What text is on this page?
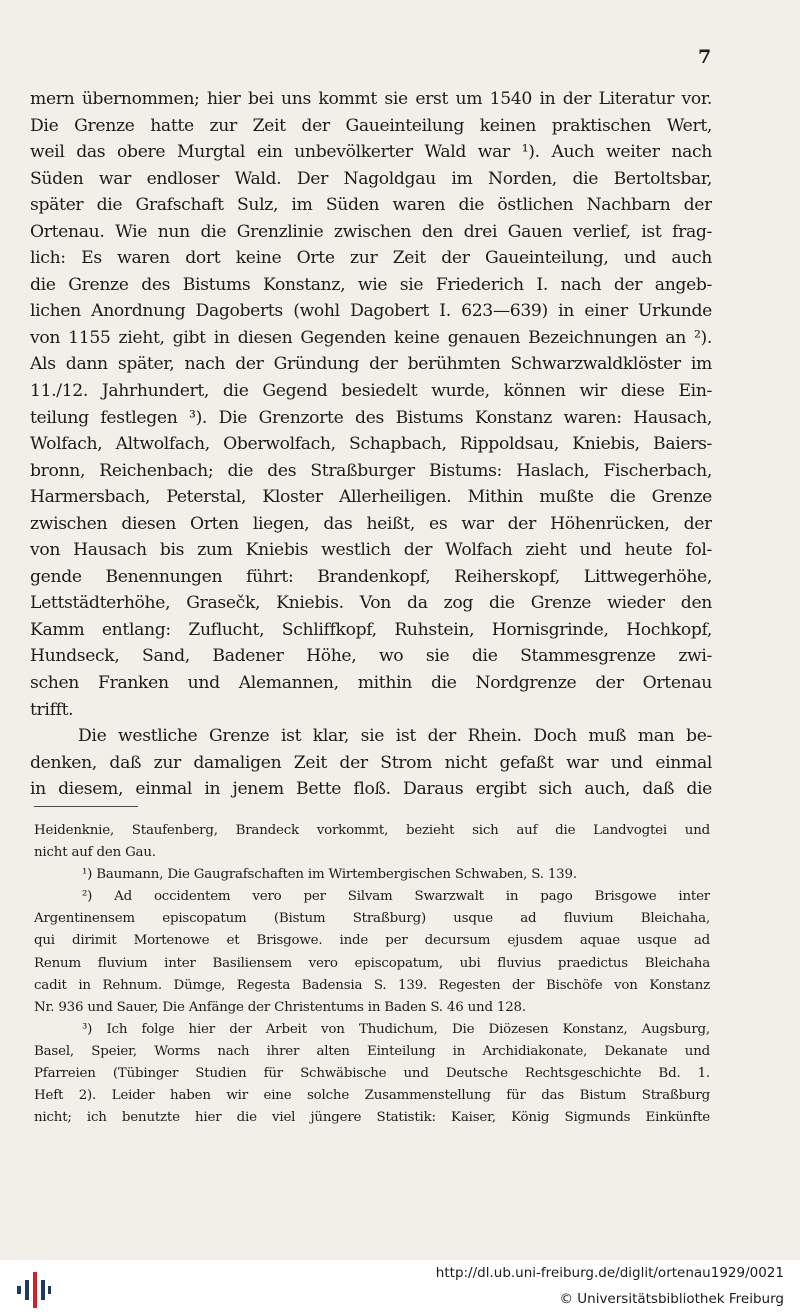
7
mern übernommen; hier bei uns kommt sie erst um 1540 in der Literatur vor.
Die Grenze hatte zur Zeit der Gaueinteilung keinen praktischen Wert,
weil das obere Murgtal ein unbevölkerter Wald war ¹). Auch weiter nach
Süden war endloser Wald. Der Nagoldgau im Norden, die Bertoltsbar,
später die Grafschaft Sulz, im Süden waren die östlichen Nachbarn der
Ortenau. Wie nun die Grenzlinie zwischen den drei Gauen verlief, ist frag-
lich: Es waren dort keine Orte zur Zeit der Gaueinteilung, und auch
die Grenze des Bistums Konstanz, wie sie Friederich I. nach der angeb-
lichen Anordnung Dagoberts (wohl Dagobert I. 623—639) in einer Urkunde
von 1155 zieht, gibt in diesen Gegenden keine genauen Bezeichnungen an ²).
Als dann später, nach der Gründung der berühmten Schwarzwaldklöster im
11./12. Jahrhundert, die Gegend besiedelt wurde, können wir diese Ein-
teilung festlegen ³). Die Grenzorte des Bistums Konstanz waren: Hausach,
Wolfach, Altwolfach, Oberwolfach, Schapbach, Rippoldsau, Kniebis, Baiers-
bronn, Reichenbach; die des Straßburger Bistums: Haslach, Fischerbach,
Harmersbach, Peterstal, Kloster Allerheiligen. Mithin mußte die Grenze
zwischen diesen Orten liegen, das heißt, es war der Höhenrücken, der
von Hausach bis zum Kniebis westlich der Wolfach zieht und heute fol-
gende Benennungen führt: Brandenkopf, Reiherskopf, Littwegerhöhe,
Lettstädterhöhe, Grasečk, Kniebis. Von da zog die Grenze wieder den
Kamm entlang: Zuflucht, Schliffkopf, Ruhstein, Hornisgrinde, Hochkopf,
Hundseck, Sand, Badener Höhe, wo sie die Stammesgrenze zwi-
schen Franken und Alemannen, mithin die Nordgrenze der Ortenau
trifft.
Die westliche Grenze ist klar, sie ist der Rhein. Doch muß man be-
denken, daß zur damaligen Zeit der Strom nicht gefaßt war und einmal
in diesem, einmal in jenem Bette floß. Daraus ergibt sich auch, daß die
Heidenknie, Staufenberg, Brandeck vorkommt, bezieht sich auf die Landvogtei und
nicht auf den Gau.
¹) Baumann, Die Gaugrafschaften im Wirtembergischen Schwaben, S. 139.
²) Ad occidentem vero per Silvam Swarzwalt in pago Brisgowe inter
Argentinensem episcopatum (Bistum Straßburg) usque ad fluvium Bleichaha,
qui dirimit Mortenowe et Brisgowe. inde per decursum ejusdem aquae usque ad
Renum fluvium inter Basiliensem vero episcopatum, ubi fluvius praedictus Bleichaha
cadit in Rehnum. Dümge, Regesta Badensia S. 139. Regesten der Bischöfe von Konstanz
Nr. 936 und Sauer, Die Anfänge der Christentums in Baden S. 46 und 128.
³) Ich folge hier der Arbeit von Thudichum, Die Diözesen Konstanz, Augsburg,
Basel, Speier, Worms nach ihrer alten Einteilung in Archidiakonate, Dekanate und
Pfarreien (Tübinger Studien für Schwäbische und Deutsche Rechtsgeschichte Bd. 1.
Heft 2). Leider haben wir eine solche Zusammenstellung für das Bistum Straßburg
nicht; ich benutzte hier die viel jüngere Statistik: Kaiser, König Sigmunds Einkünfte
http://dl.ub.uni-freiburg.de/diglit/ortenau1929/0021
© Universitätsbibliothek Freiburg
